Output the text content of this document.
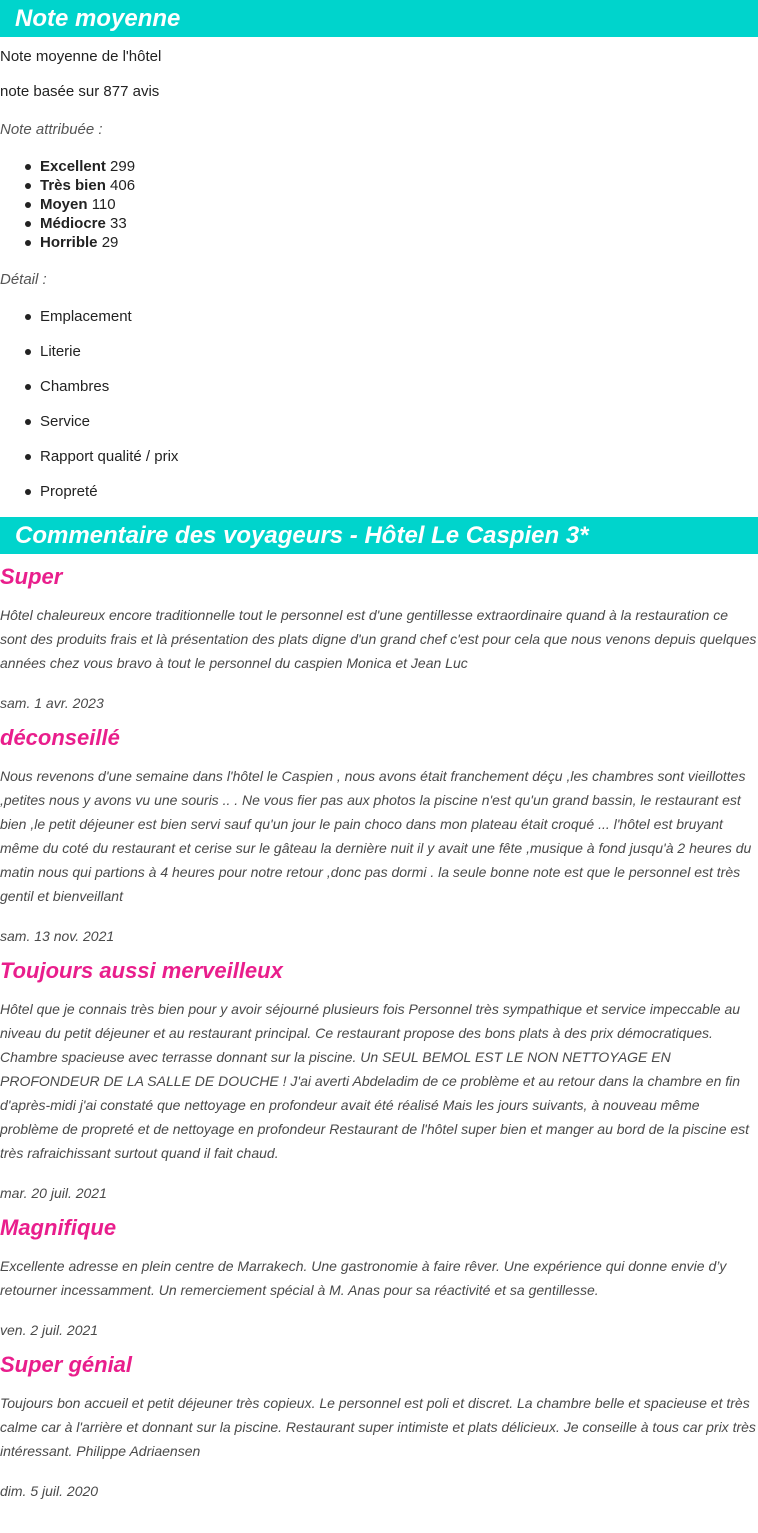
Note moyenne

Note moyenne de l'hôtel

note basée sur 877 avis

Note attribuée :

Excellent 299
Très bien 406
Moyen 110
Médiocre 33
Horrible 29

Détail :

Emplacement
Literie
Chambres
Service
Rapport qualité / prix
Propreté
Commentaire des voyageurs - Hôtel Le Caspien 3*
Super

Hôtel chaleureux encore traditionnelle tout le personnel est d'une gentillesse extraordinaire quand à la restauration ce sont des produits frais et là présentation des plats digne d'un grand chef c'est pour cela que nous venons depuis quelques années chez vous bravo à tout le personnel du caspien Monica et Jean Luc

sam. 1 avr. 2023

déconseillé

Nous revenons d'une semaine dans l'hôtel le Caspien , nous avons était franchement déçu ,les chambres sont vieillottes ,petites nous y avons vu une souris .. . Ne vous fier pas aux photos la piscine n'est qu'un grand bassin, le restaurant est bien ,le petit déjeuner est bien servi sauf qu'un jour le pain choco dans mon plateau était croqué ... l'hôtel est bruyant même du coté du restaurant et cerise sur le gâteau la dernière nuit il y avait une fête ,musique à fond jusqu'à 2 heures du matin nous qui partions à 4 heures pour notre retour ,donc pas dormi . la seule bonne note est que le personnel est très gentil et bienveillant

sam. 13 nov. 2021

Toujours aussi merveilleux

Hôtel que je connais très bien pour y avoir séjourné plusieurs fois Personnel très sympathique et service impeccable au niveau du petit déjeuner et au restaurant principal. Ce restaurant propose des bons plats à des prix démocratiques. Chambre spacieuse avec terrasse donnant sur la piscine. Un SEUL BEMOL EST LE NON NETTOYAGE EN PROFONDEUR DE LA SALLE DE DOUCHE ! J'ai averti Abdeladim de ce problème et au retour dans la chambre en fin d'après-midi j'ai constaté que nettoyage en profondeur avait été réalisé Mais les jours suivants, à nouveau même problème de propreté et de nettoyage en profondeur Restaurant de l'hôtel super bien et manger au bord de la piscine est très rafraichissant surtout quand il fait chaud.

mar. 20 juil. 2021

Magnifique

Excellente adresse en plein centre de Marrakech. Une gastronomie à faire rêver. Une expérience qui donne envie d’y retourner incessamment. Un remerciement spécial à M. Anas pour sa réactivité et sa gentillesse.

ven. 2 juil. 2021

Super génial

Toujours bon accueil et petit déjeuner très copieux. Le personnel est poli et discret. La chambre belle et spacieuse et très calme car à l'arrière et donnant sur la piscine. Restaurant super intimiste et plats délicieux. Je conseille à tous car prix très intéressant. Philippe Adriaensen

dim. 5 juil. 2020
